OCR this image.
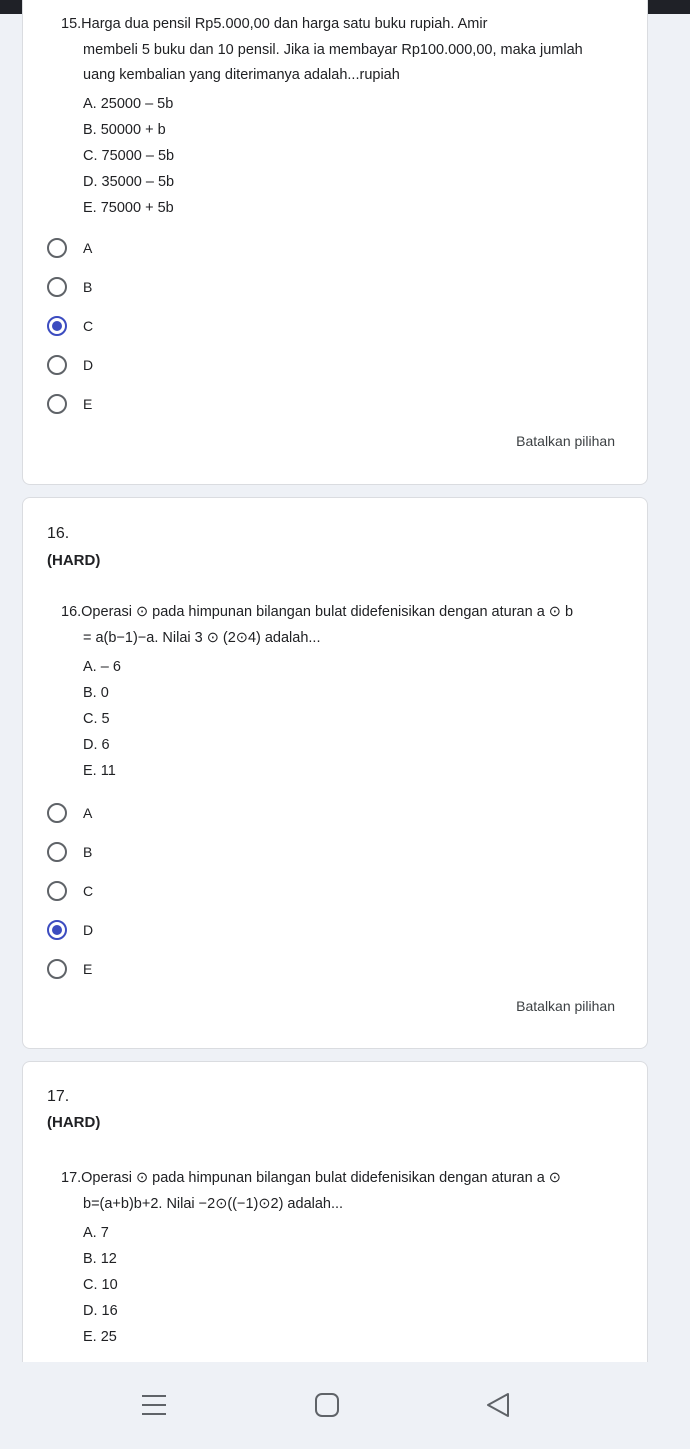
15.Harga dua pensil Rp5.000,00 dan harga satu buku rupiah. Amir
membeli 5 buku dan 10 pensil. Jika ia membayar Rp100.000,00, maka jumlah
uang kembalian yang diterimanya adalah...rupiah
A. 25000 – 5b
B. 50000 + b
C. 75000 – 5b
D. 35000 – 5b
E. 75000 + 5b
A
B
C
D
E
Batalkan pilihan
16.
(HARD)
16.Operasi ⊙ pada himpunan bilangan bulat didefenisikan dengan aturan a ⊙ b
= a(b−1)−a. Nilai 3 ⊙ (2⊙4) adalah...
A. – 6
B. 0
C. 5
D. 6
E. 11
A
B
C
D
E
Batalkan pilihan
17.
(HARD)
17.Operasi ⊙ pada himpunan bilangan bulat didefenisikan dengan aturan a ⊙
b=(a+b)b+2. Nilai −2⊙((−1)⊙2) adalah...
A. 7
B. 12
C. 10
D. 16
E. 25
